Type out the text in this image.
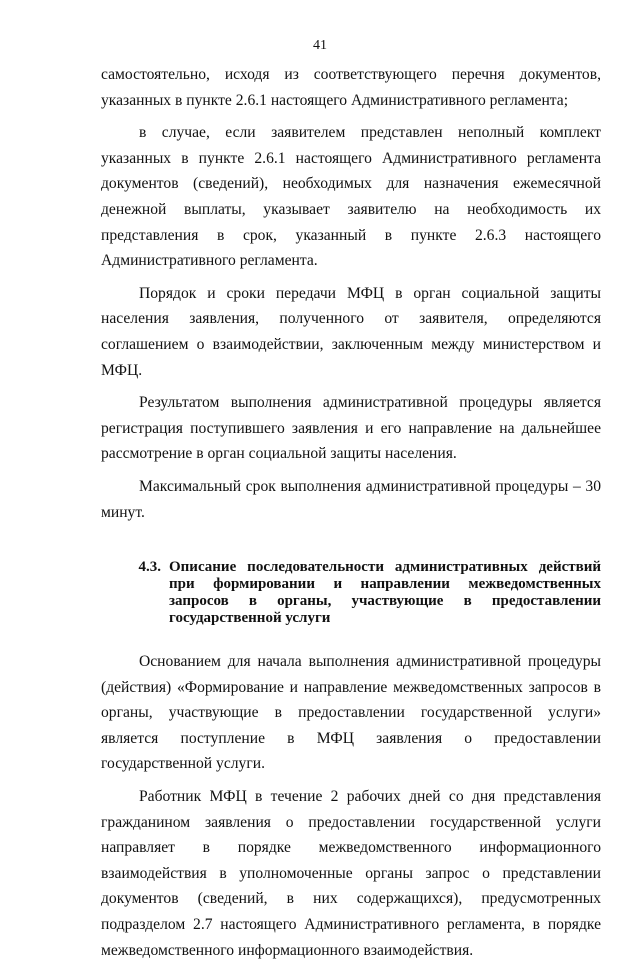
41

самостоятельно, исходя из соответствующего перечня документов, указанных в пункте 2.6.1 настоящего Административного регламента;

в случае, если заявителем представлен неполный комплект указанных в пункте 2.6.1 настоящего Административного регламента документов (сведений), необходимых для назначения ежемесячной денежной выплаты, указывает заявителю на необходимость их представления в срок, указанный в пункте 2.6.3 настоящего Административного регламента.

Порядок и сроки передачи МФЦ в орган социальной защиты населения заявления, полученного от заявителя, определяются соглашением о взаимодействии, заключенным между министерством и МФЦ.

Результатом выполнения административной процедуры является регистрация поступившего заявления и его направление на дальнейшее рассмотрение в орган социальной защиты населения.

Максимальный срок выполнения административной процедуры – 30 минут.

4.3. Описание последовательности административных действий при формировании и направлении межведомственных запросов в органы, участвующие в предоставлении государственной услуги

Основанием для начала выполнения административной процедуры (действия) «Формирование и направление межведомственных запросов в органы, участвующие в предоставлении государственной услуги» является поступление в МФЦ заявления о предоставлении государственной услуги.

Работник МФЦ в течение 2 рабочих дней со дня представления гражданином заявления о предоставлении государственной услуги направляет в порядке межведомственного информационного взаимодействия в уполномоченные органы запрос о представлении документов (сведений, в них содержащихся), предусмотренных подразделом 2.7 настоящего Административного регламента, в порядке межведомственного информационного взаимодействия.
